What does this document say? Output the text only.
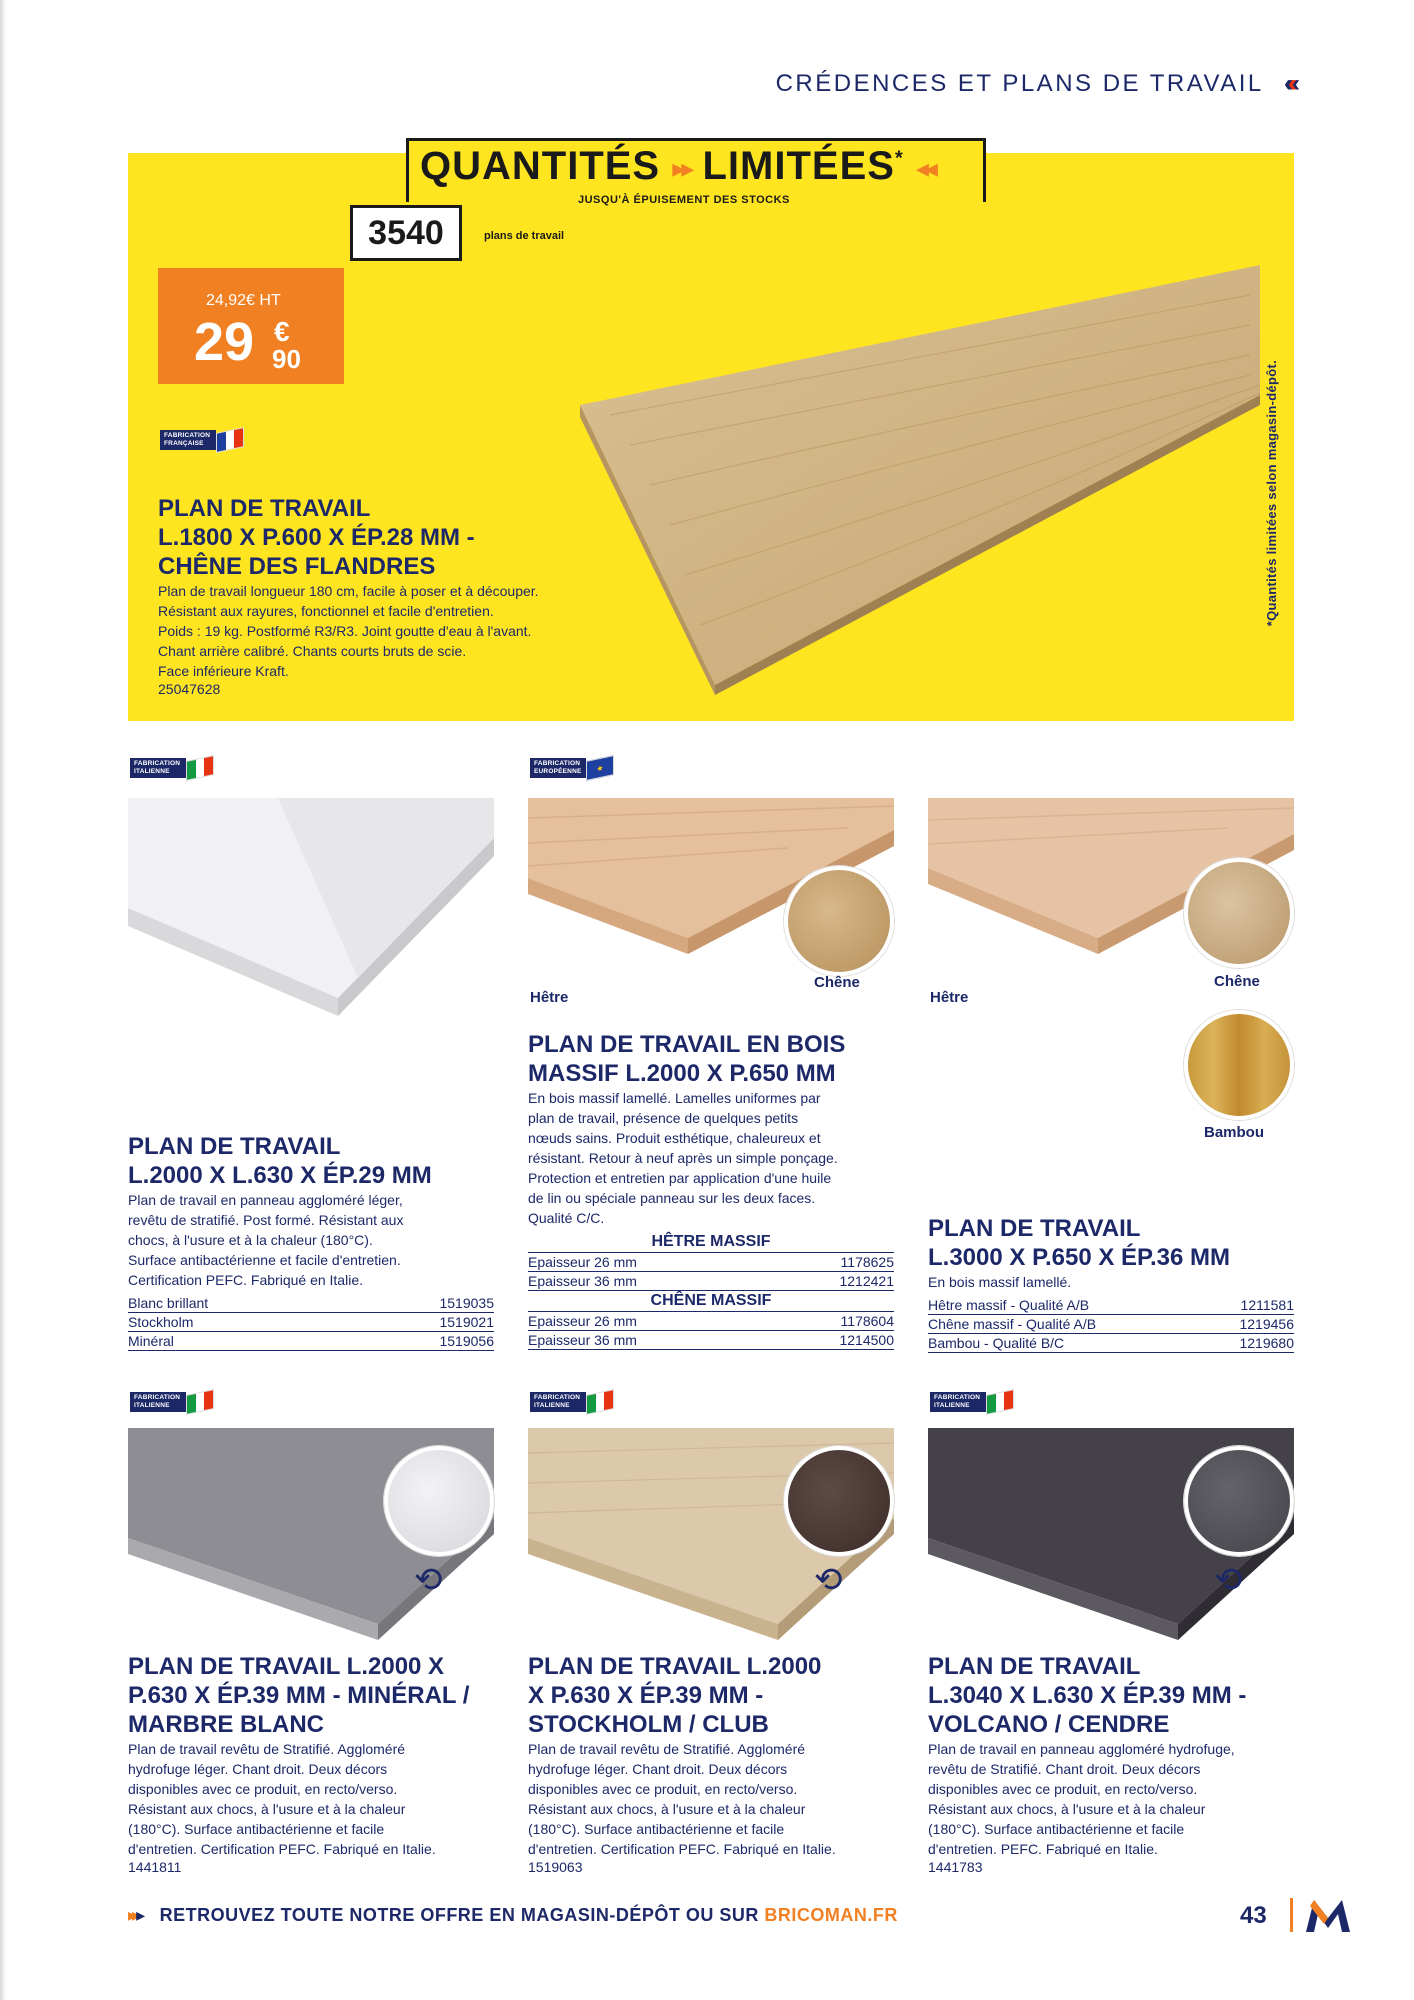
CRÉDENCES ET PLANS DE TRAVAIL ‹‹‹‹‹
QUANTITÉS ▸▸ LIMITÉES* ◂◂
JUSQU'À ÉPUISEMENT DES STOCKS
3540	plans de travail
24,92€ HT
29 €
90
FABRICATION FRANÇAISE
PLAN DE TRAVAIL
L.1800 X P.600 X ÉP.28 MM -
CHÊNE DES FLANDRES
Plan de travail longueur 180 cm, facile à poser et à découper.
Résistant aux rayures, fonctionnel et facile d'entretien.
Poids : 19 kg. Postformé R3/R3. Joint goutte d'eau à l'avant.
Chant arrière calibré. Chants courts bruts de scie.
Face inférieure Kraft.
25047628
*Quantités limitées selon magasin-dépôt.
FABRICATION ITALIENNE
PLAN DE TRAVAIL
L.2000 X L.630 X ÉP.29 MM
Plan de travail en panneau aggloméré léger,
revêtu de stratifié. Post formé. Résistant aux
chocs, à l'usure et à la chaleur (180°C).
Surface antibactérienne et facile d'entretien.
Certification PEFC. Fabriqué en Italie.
Blanc brillant	1519035
Stockholm	1519021
Minéral	1519056
FABRICATION EUROPÉENNE	★
Hêtre
Chêne
PLAN DE TRAVAIL EN BOIS
MASSIF L.2000 X P.650 MM
En bois massif lamellé. Lamelles uniformes par
plan de travail, présence de quelques petits
nœuds sains. Produit esthétique, chaleureux et
résistant. Retour à neuf après un simple ponçage.
Protection et entretien par application d'une huile
de lin ou spéciale panneau sur les deux faces.
Qualité C/C.
HÊTRE MASSIF
Epaisseur 26 mm	1178625
Epaisseur 36 mm	1212421
CHÊNE MASSIF
Epaisseur 26 mm	1178604
Epaisseur 36 mm	1214500
Hêtre
Chêne
Bambou
PLAN DE TRAVAIL
L.3000 X P.650 X ÉP.36 MM
En bois massif lamellé.
Hêtre massif - Qualité A/B	1211581
Chêne massif - Qualité A/B	1219456
Bambou - Qualité B/C	1219680
FABRICATION ITALIENNE
FABRICATION ITALIENNE
FABRICATION ITALIENNE
⟲	⟲	⟲
PLAN DE TRAVAIL L.2000 X
P.630 X ÉP.39 MM - MINÉRAL /
MARBRE BLANC
Plan de travail revêtu de Stratifié. Aggloméré
hydrofuge léger. Chant droit. Deux décors
disponibles avec ce produit, en recto/verso.
Résistant aux chocs, à l'usure et à la chaleur
(180°C). Surface antibactérienne et facile
d'entretien. Certification PEFC. Fabriqué en Italie.
1441811
PLAN DE TRAVAIL L.2000
X P.630 X ÉP.39 MM -
STOCKHOLM / CLUB
Plan de travail revêtu de Stratifié. Aggloméré
hydrofuge léger. Chant droit. Deux décors
disponibles avec ce produit, en recto/verso.
Résistant aux chocs, à l'usure et à la chaleur
(180°C). Surface antibactérienne et facile
d'entretien. Certification PEFC. Fabriqué en Italie.
1519063
PLAN DE TRAVAIL
L.3040 X L.630 X ÉP.39 MM -
VOLCANO / CENDRE
Plan de travail en panneau aggloméré hydrofuge,
revêtu de Stratifié. Chant droit. Deux décors
disponibles avec ce produit, en recto/verso.
Résistant aux chocs, à l'usure et à la chaleur
(180°C). Surface antibactérienne et facile
d'entretien. PEFC. Fabriqué en Italie.
1441783
▸▸▸ RETROUVEZ TOUTE NOTRE OFFRE EN MAGASIN-DÉPÔT OU SUR BRICOMAN.FR	43
